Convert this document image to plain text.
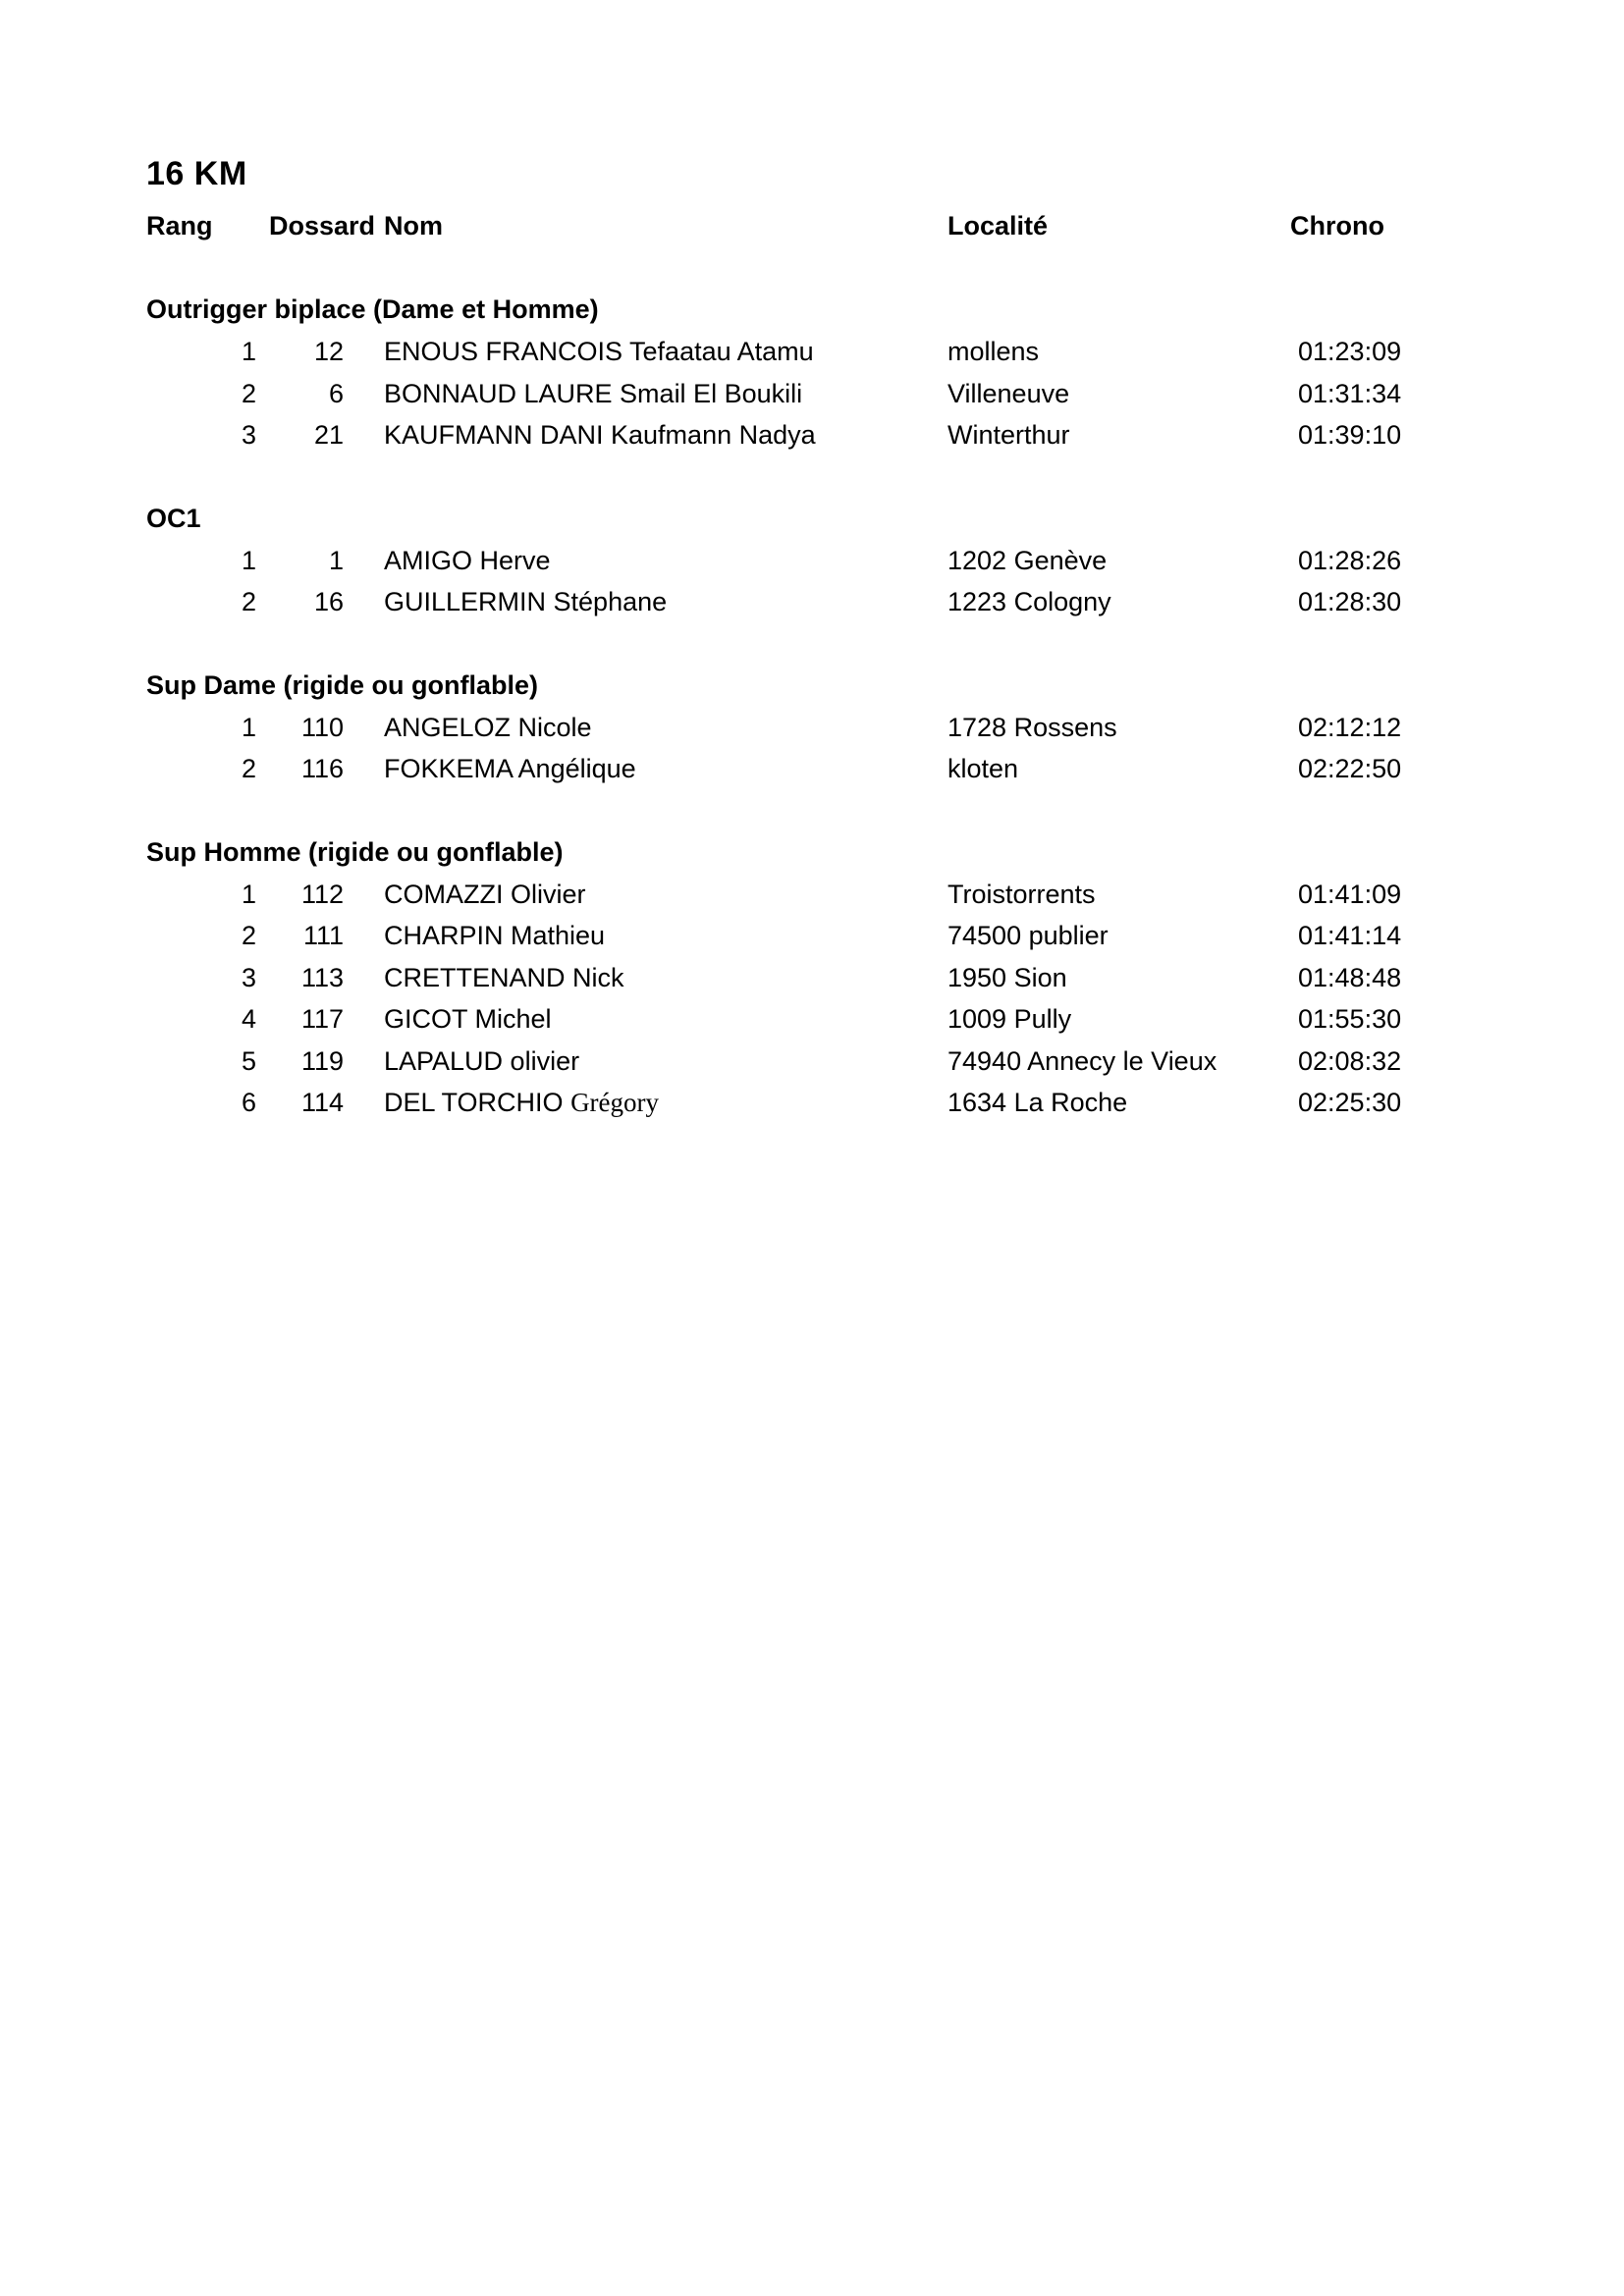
16 KM
Rang Dossard Nom	Localité	Chrono
Outrigger biplace (Dame et Homme)
1 12 ENOUS FRANCOIS Tefaatau Atamu	mollens	01:23:09
2	6 BONNAUD LAURE Smail El Boukili	Villeneuve	01:31:34
3 21 KAUFMANN DANI Kaufmann Nadya	Winterthur	01:39:10
OC1
1	1 AMIGO Herve	1202 Genève	01:28:26
2 16 GUILLERMIN Stéphane	1223 Cologny	01:28:30
Sup Dame (rigide ou gonflable)
1 110 ANGELOZ Nicole	1728 Rossens	02:12:12
2 116 FOKKEMA Angélique	kloten	02:22:50
Sup Homme (rigide ou gonflable)
1 112 COMAZZI Olivier	Troistorrents	01:41:09
2 111 CHARPIN Mathieu	74500 publier	01:41:14
3 113 CRETTENAND Nick	1950 Sion	01:48:48
4 117 GICOT Michel	1009 Pully	01:55:30
5 119 LAPALUD olivier	74940 Annecy le Vieux	02:08:32
6 114 DEL TORCHIO Grégory	1634 La Roche	02:25:30
